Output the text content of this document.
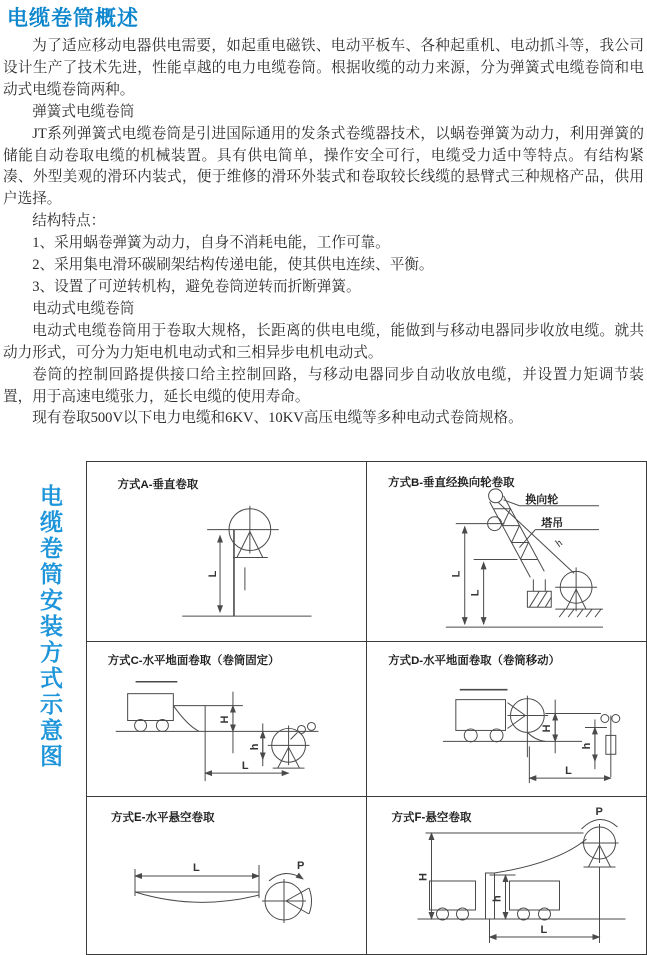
电缆卷筒概述

为了适应移动电器供电需要，如起重电磁铁、电动平板车、各种起重机、电动抓斗等，我公司设计生产了技术先进，性能卓越的电力电缆卷筒。根据收缆的动力来源，分为弹簧式电缆卷筒和电动式电缆卷筒两种。

弹簧式电缆卷筒

JT系列弹簧式电缆卷筒是引进国际通用的发条式卷缆器技术，以蜗卷弹簧为动力，利用弹簧的储能自动卷取电缆的机械装置。具有供电简单，操作安全可行，电缆受力适中等特点。有结构紧凑、外型美观的滑环内装式，便于维修的滑环外装式和卷取较长线缆的悬臂式三种规格产品，供用户选择。

结构特点：

1、采用蜗卷弹簧为动力，自身不消耗电能，工作可靠。

2、采用集电滑环碳刷架结构传递电能，使其供电连续、平衡。

3、设置了可逆转机构，避免卷筒逆转而折断弹簧。

电动式电缆卷筒

电动式电缆卷筒用于卷取大规格，长距离的供电电缆，能做到与移动电器同步收放电缆。就共动力形式，可分为力矩电机电动式和三相异步电机电动式。

卷筒的控制回路提供接口给主控制回路，与移动电器同步自动收放电缆，并设置力矩调节装置，用于高速电缆张力，延长电缆的使用寿命。

现有卷取500V以下电力电缆和6KV、10KV高压电缆等多种电动式卷筒规格。

电缆卷筒安装方式示意图	方式A-垂直卷取
L
方式B-垂直经换向轮卷取
换向轮
塔吊
h
L
L
方式C-水平地面卷取（卷筒固定）
H
h
L
方式D-水平地面卷取（卷筒移动）
H
h
L
方式E-水平悬空卷取
L	P
方式F-悬空卷取	P
H
h
L
